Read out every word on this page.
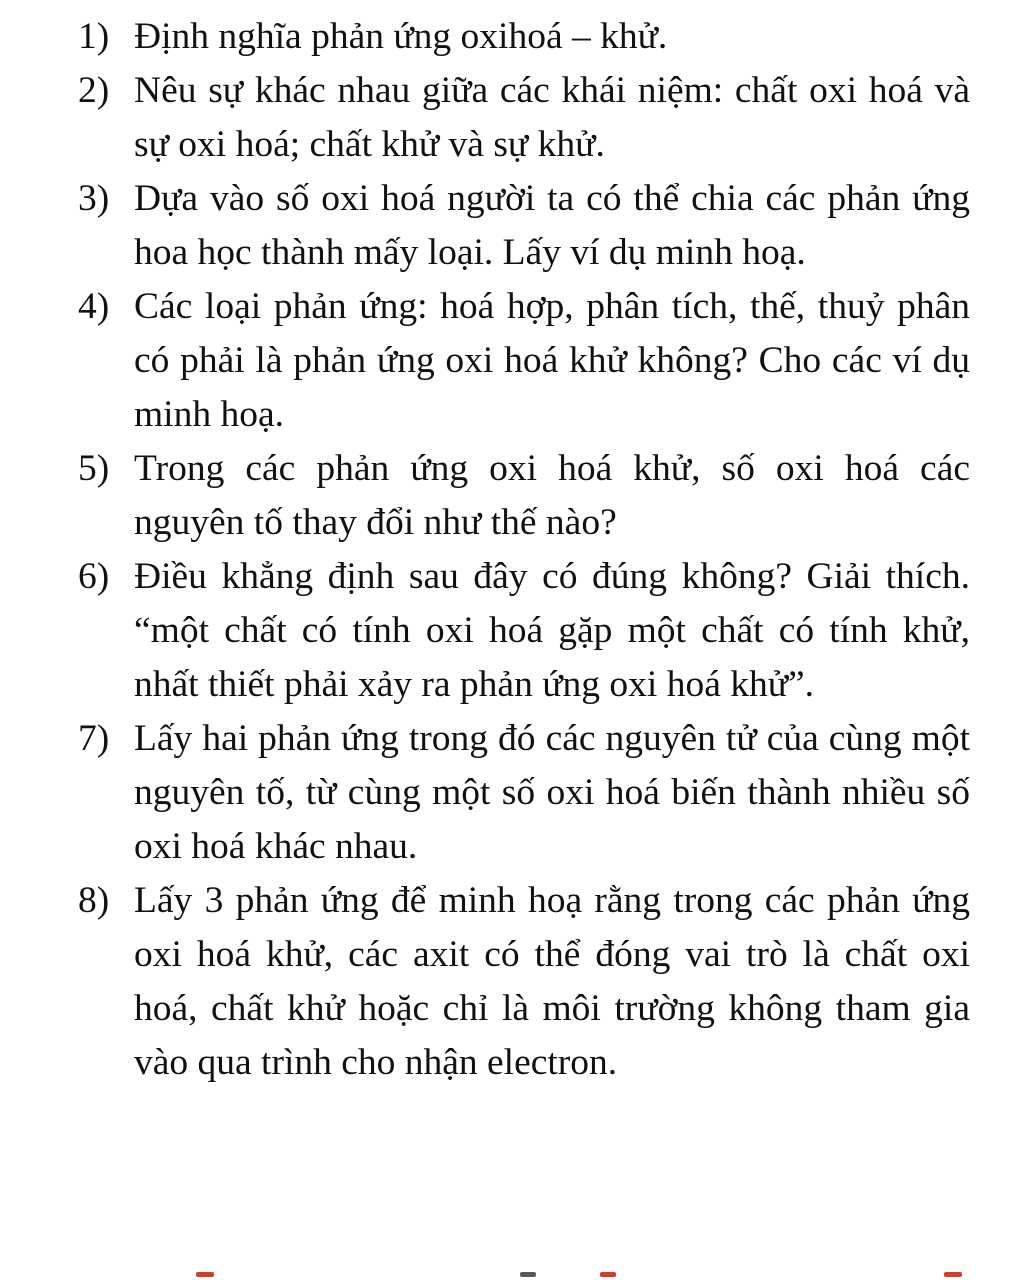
1) Định nghĩa phản ứng oxihoá – khử.
2) Nêu sự khác nhau giữa các khái niệm: chất oxi hoá và sự oxi hoá; chất khử và sự khử.
3) Dựa vào số oxi hoá người ta có thể chia các phản ứng hoa học thành mấy loại. Lấy ví dụ minh hoạ.
4) Các loại phản ứng: hoá hợp, phân tích, thế, thuỷ phân có phải là phản ứng oxi hoá khử không? Cho các ví dụ minh hoạ.
5) Trong các phản ứng oxi hoá khử, số oxi hoá các nguyên tố thay đổi như thế nào?
6) Điều khẳng định sau đây có đúng không? Giải thích. “một chất có tính oxi hoá gặp một chất có tính khử, nhất thiết phải xảy ra phản ứng oxi hoá khử”.
7) Lấy hai phản ứng trong đó các nguyên tử của cùng một nguyên tố, từ cùng một số oxi hoá biến thành nhiều số oxi hoá khác nhau.
8) Lấy 3 phản ứng để minh hoạ rằng trong các phản ứng oxi hoá khử, các axit có thể đóng vai trò là chất oxi hoá, chất khử hoặc chỉ là môi trường không tham gia vào qua trình cho nhận electron.
